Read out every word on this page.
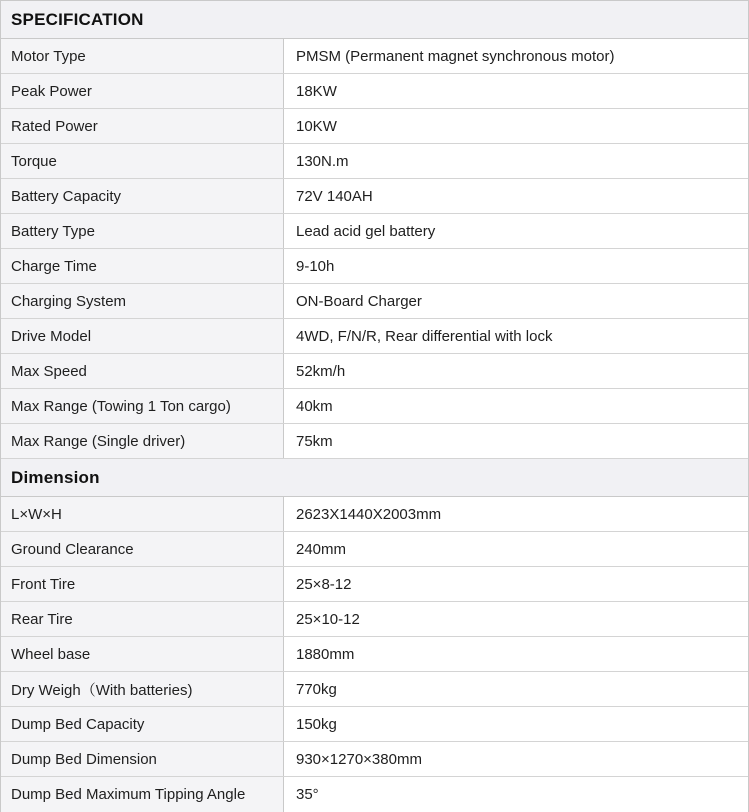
SPECIFICATION
Motor Type	PMSM (Permanent magnet synchronous motor)
Peak Power	18KW
Rated Power	10KW
Torque	130N.m
Battery Capacity	72V 140AH
Battery Type	Lead acid gel battery
Charge Time	9-10h
Charging System	ON-Board Charger
Drive Model	4WD, F/N/R, Rear differential with lock
Max Speed	52km/h
Max Range (Towing 1 Ton cargo)	40km
Max Range (Single driver)	75km
Dimension
L×W×H	2623X1440X2003mm
Ground Clearance	240mm
Front Tire	25×8-12
Rear Tire	25×10-12
Wheel base	1880mm
Dry Weigh（With batteries)	770kg
Dump Bed Capacity	150kg
Dump Bed Dimension	930×1270×380mm
Dump Bed Maximum Tipping Angle	35°
